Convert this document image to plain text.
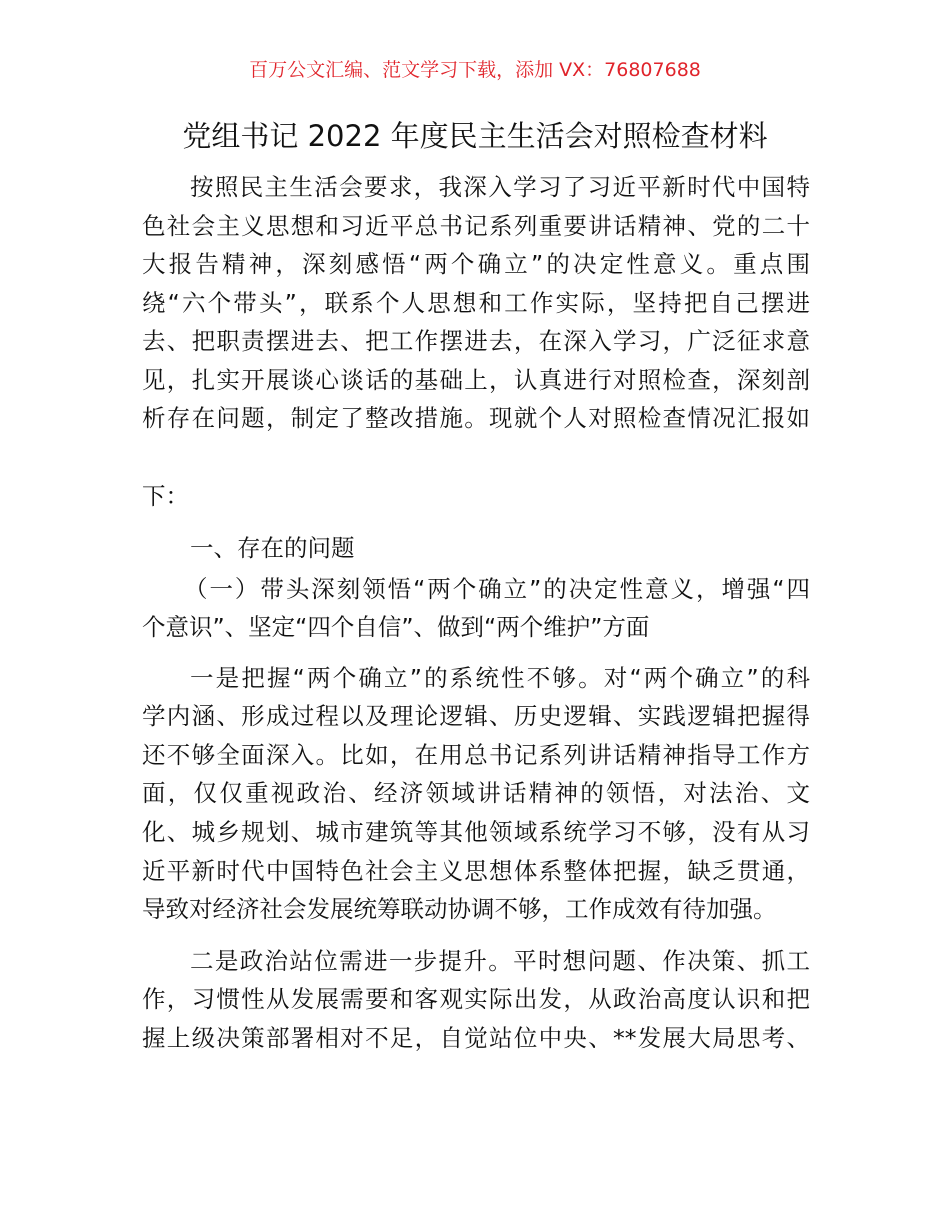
百万公文汇编、范文学习下载，添加 VX：76807688
党组书记 2022 年度民主生活会对照检查材料
按照民主生活会要求，我深入学习了习近平新时代中国特
色社会主义思想和习近平总书记系列重要讲话精神、党的二十
大报告精神，深刻感悟“两个确立”的决定性意义。重点围
绕“六个带头”，联系个人思想和工作实际，坚持把自己摆进
去、把职责摆进去、把工作摆进去，在深入学习，广泛征求意
见，扎实开展谈心谈话的基础上，认真进行对照检查，深刻剖
析存在问题，制定了整改措施。现就个人对照检查情况汇报如
下：
一、存在的问题
（一）带头深刻领悟“两个确立”的决定性意义，增强“四
个意识”、坚定“四个自信”、做到“两个维护”方面
一是把握“两个确立”的系统性不够。对“两个确立”的科
学内涵、形成过程以及理论逻辑、历史逻辑、实践逻辑把握得
还不够全面深入。比如，在用总书记系列讲话精神指导工作方
面，仅仅重视政治、经济领域讲话精神的领悟，对法治、文
化、城乡规划、城市建筑等其他领域系统学习不够，没有从习
近平新时代中国特色社会主义思想体系整体把握，缺乏贯通，
导致对经济社会发展统筹联动协调不够，工作成效有待加强。
二是政治站位需进一步提升。平时想问题、作决策、抓工
作，习惯性从发展需要和客观实际出发，从政治高度认识和把
握上级决策部署相对不足，自觉站位中央、**发展大局思考、
